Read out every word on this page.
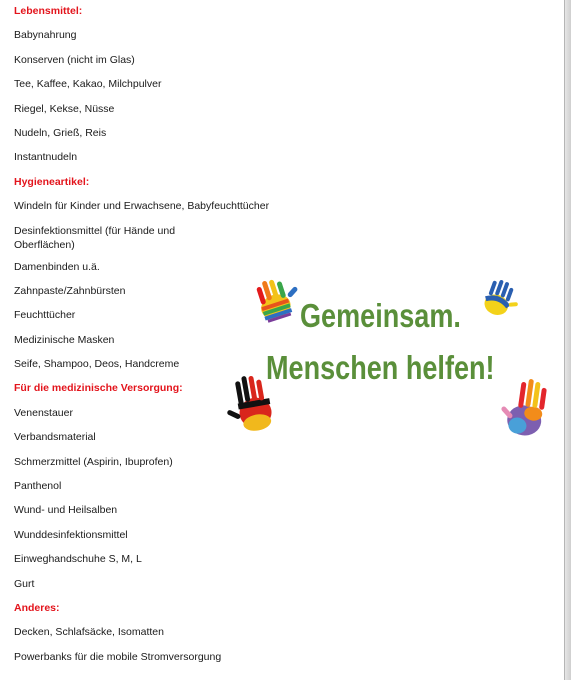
Lebensmittel:
Babynahrung
Konserven (nicht im Glas)
Tee, Kaffee, Kakao, Milchpulver
Riegel, Kekse, Nüsse
Nudeln, Grieß, Reis
Instantnudeln
Hygieneartikel:
Windeln für Kinder und Erwachsene, Babyfeuchttücher
Desinfektionsmittel (für Hände und Oberflächen)
Damenbinden u.ä.
Zahnpaste/Zahnbürsten
Feuchttücher
Medizinische Masken
Seife, Shampoo, Deos, Handcreme
Für die medizinische Versorgung:
Venenstauer
Verbandsmaterial
Schmerzmittel (Aspirin, Ibuprofen)
Panthenol
Wund- und Heilsalben
Wunddesinfektionsmittel
Einweghandschuhe S, M, L
Gurt
Anderes:
Decken, Schlafsäcke, Isomatten
Powerbanks für die mobile Stromversorgung
Gemeinsam.
Menschen helfen!
